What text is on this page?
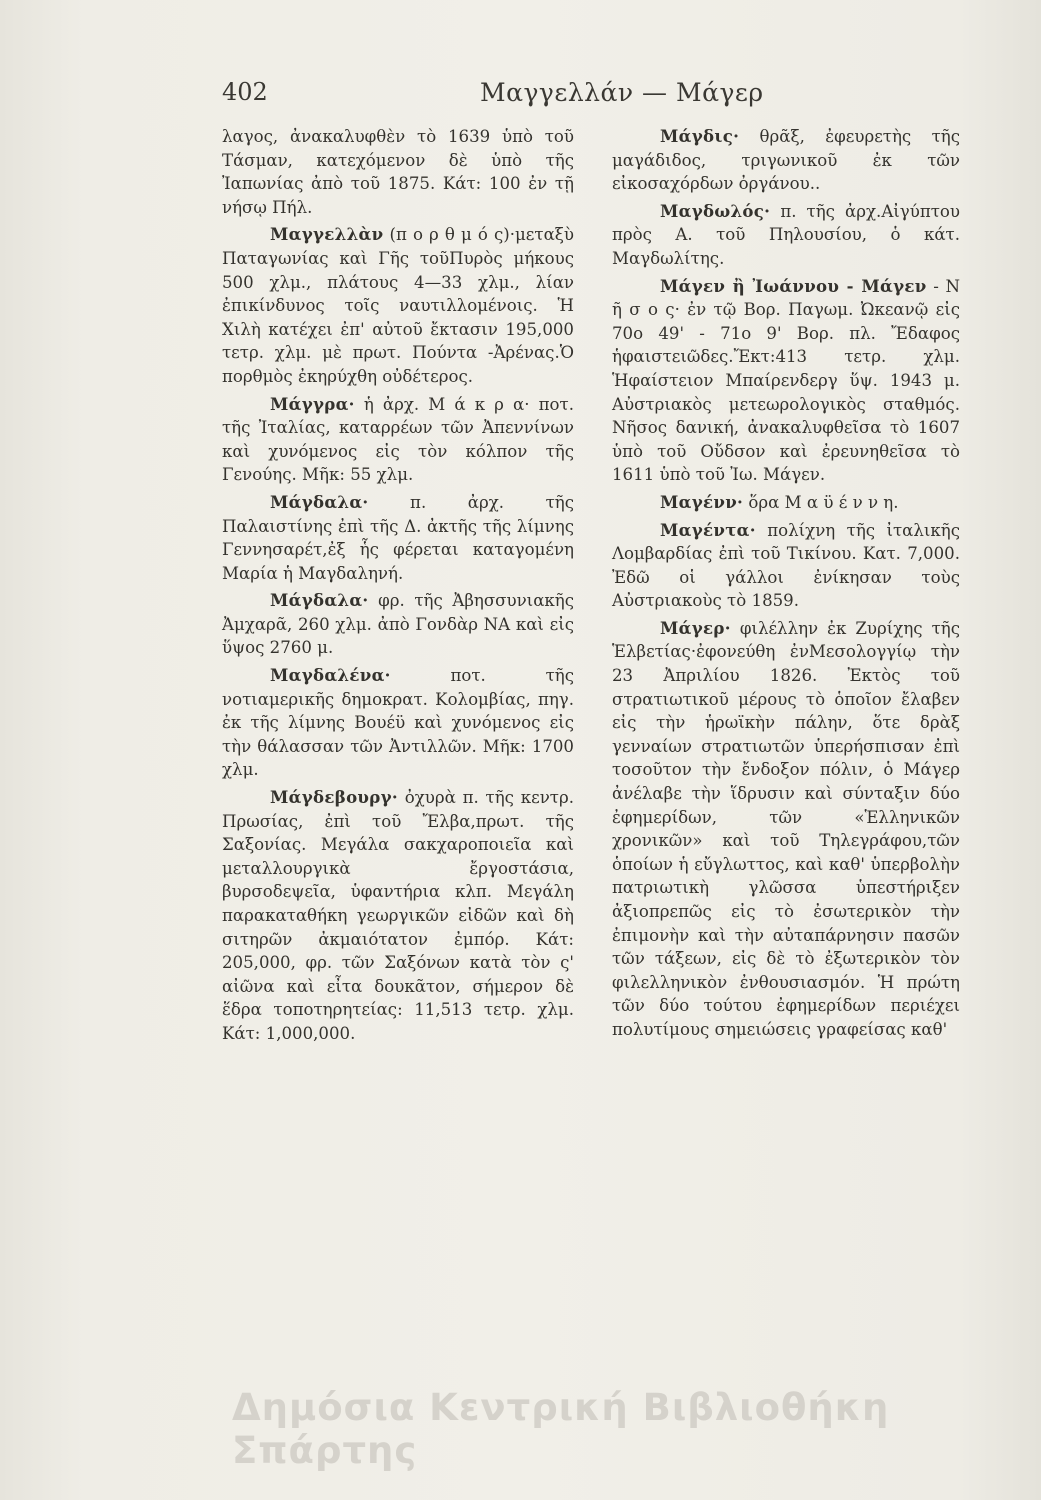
402	Μαγγελλάν — Μάγερ

λαγος, ἀνακαλυφθὲν τὸ 1639 ὑπὸ τοῦ Τάσμαν, κατεχόμενον δὲ ὑπὸ τῆς Ἰαπωνίας ἀπὸ τοῦ 1875. Κάτ: 100 ἐν τῇ νήσῳ Πήλ.

Μαγγελλὰν (π ο ρ θ μ ό ς)·μεταξὺ Παταγωνίας καὶ Γῆς τοῦΠυρὸς μήκους 500 χλμ., πλάτους 4—33 χλμ., λίαν ἐπικίνδυνος τοῖς ναυτιλλομένοις. Ἡ Χιλὴ κατέχει ἐπ' αὐτοῦ ἔκτασιν 195,000 τετρ. χλμ. μὲ πρωτ. Πούντα -Ἀρένας.Ὁ πορθμὸς ἐκηρύχθη οὐδέτερος.

Μάγγρα· ἡ ἀρχ. Μ ά κ ρ α· ποτ. τῆς Ἰταλίας, καταρρέων τῶν Ἀπεννίνων καὶ χυνόμενος εἰς τὸν κόλπον τῆς Γενούης. Μῆκ: 55 χλμ.

Μάγδαλα·	π. ἀρχ. τῆς Παλαιστίνης ἐπὶ τῆς Δ. ἀκτῆς τῆς λίμνης Γεννησαρέτ,ἐξ ἧς φέρεται καταγομένη Μαρία ἡ Μαγδαληνή.

Μάγδαλα· φρ. τῆς Ἀβησσυνιακῆς Ἀμχαρᾶ, 260 χλμ. ἀπὸ Γονδὰρ ΝΑ καὶ εἰς ὕψος 2760 μ.

Μαγδαλένα·	ποτ. τῆς νοτιαμερικῆς δημοκρατ. Κολομβίας, πηγ. ἐκ τῆς λίμνης Βουέϋ καὶ χυνόμενος εἰς τὴν θάλασσαν τῶν Ἀντιλλῶν. Μῆκ: 1700 χλμ.

Μάγδεβουργ· ὀχυρὰ π. τῆς κεντρ. Πρωσίας, ἐπὶ τοῦ Ἔλβα,πρωτ. τῆς Σαξονίας. Μεγάλα σακχαροποιεῖα καὶ μεταλλουργικὰ ἔργοστάσια, βυρσοδεψεῖα, ὑφαντήρια κλπ. Μεγάλη παρακαταθήκη γεωργικῶν εἰδῶν καὶ δὴ σιτηρῶν ἀκμαιότατον ἐμπόρ. Κάτ: 205,000, φρ. τῶν Σαξόνων κατὰ τὸν ς' αἰῶνα καὶ εἶτα δουκᾶτον, σήμερον δὲ ἕδρα τοποτηρητείας: 11,513 τετρ. χλμ. Κάτ: 1,000,000.

Μάγδις· θρᾶξ, ἐφευρετὴς τῆς μαγάδιδος, τριγωνικοῦ ἐκ τῶν εἰκοσαχόρδων ὀργάνου..

Μαγδωλός· π. τῆς ἀρχ.Αἰγύπτου πρὸς Α. τοῦ Πηλουσίου, ὁ κάτ. Μαγδωλίτης.

Μάγεν ἢ Ἰωάννου - Μάγεν - Ν ῆ σ ο ς· ἐν τῷ Βορ. Παγωμ. Ὠκεανῷ εἰς 70ο 49' - 71ο 9' Βορ. πλ. Ἔδαφος ἡφαιστειῶδες.Ἔκτ:413 τετρ. χλμ. Ἡφαίστειον Μπαίρενδεργ ὕψ. 1943 μ. Αὐστριακὸς μετεωρολογικὸς σταθμός. Νῆσος δανική, ἀνακαλυφθεῖσα τὸ 1607 ὑπὸ τοῦ Οὔδσον καὶ ἐρευνηθεῖσα τὸ 1611 ὑπὸ τοῦ Ἰω. Μάγεν.

Μαγένν· ὅρα Μ α ϋ έ ν ν η.

Μαγέντα· πολίχνη τῆς ἰταλικῆς Λομβαρδίας ἐπὶ τοῦ Τικίνου. Κατ. 7,000. Ἐδῶ οἱ γάλλοι ἐνίκησαν τοὺς Αὐστριακοὺς τὸ 1859.

Μάγερ· φιλέλλην ἐκ Ζυρίχης τῆς Ἑλβετίας·ἐφονεύθη ἐνΜεσολογγίῳ τὴν 23 Ἀπριλίου 1826. Ἐκτὸς τοῦ στρατιωτικοῦ μέρους τὸ ὁποῖον ἔλαβεν εἰς τὴν ἡρωϊκὴν πάλην, ὅτε δρὰξ γενναίων στρατιωτῶν ὑπερήσπισαν ἐπὶ τοσοῦτον τὴν ἔνδοξον πόλιν, ὁ Μάγερ ἀνέλαβε τὴν ἵδρυσιν καὶ σύνταξιν δύο ἐφημερίδων, τῶν «Ἑλληνικῶν χρονικῶν» καὶ τοῦ Τηλεγράφου,τῶν ὁποίων ἡ εὔγλωττος, καὶ καθ' ὑπερβολὴν πατριωτικὴ γλῶσσα ὑπεστήριξεν ἀξιοπρεπῶς εἰς τὸ ἐσωτερικὸν τὴν ἐπιμονὴν καὶ τὴν αὐταπάρνησιν πασῶν τῶν τάξεων, εἰς δὲ τὸ ἐξωτερικὸν τὸν φιλελληνικὸν ἐνθουσιασμόν. Ἡ πρώτη τῶν δύο τούτου ἐφημερίδων περιέχει πολυτίμους σημειώσεις γραφείσας καθ'

Δημόσια Κεντρική Βιβλιοθήκη Σπάρτης
